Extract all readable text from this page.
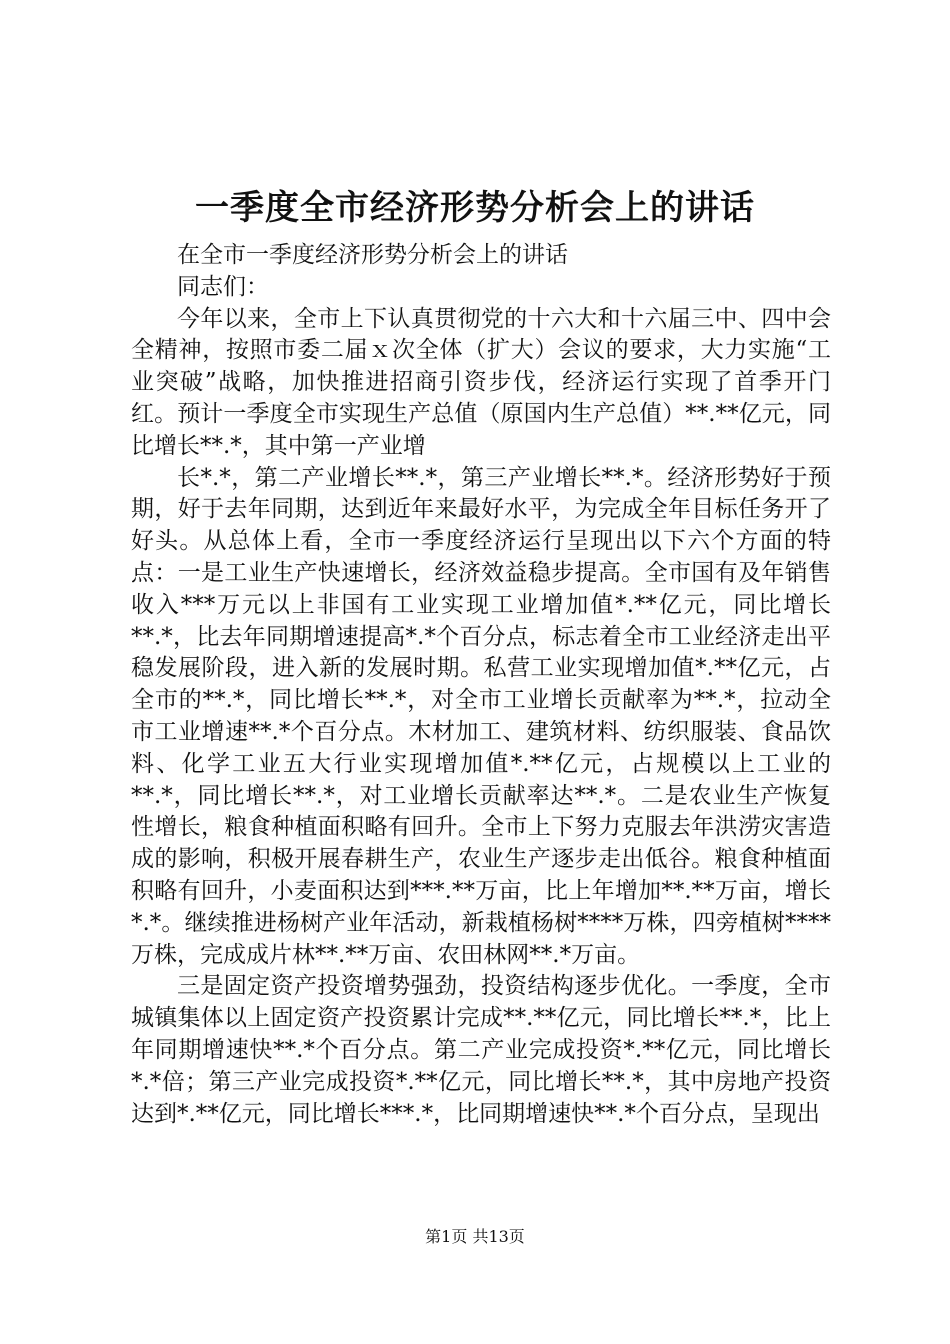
一季度全市经济形势分析会上的讲话

在全市一季度经济形势分析会上的讲话

同志们：

今年以来，全市上下认真贯彻党的十六大和十六届三中、四中会全精神，按照市委二届ｘ次全体（扩大）会议的要求，大力实施“工业突破”战略，加快推进招商引资步伐，经济运行实现了首季开门红。预计一季度全市实现生产总值（原国内生产总值）**.**亿元，同比增长**.*，其中第一产业增

长*.*，第二产业增长**.*，第三产业增长**.*。经济形势好于预期，好于去年同期，达到近年来最好水平，为完成全年目标任务开了好头。从总体上看，全市一季度经济运行呈现出以下六个方面的特点：一是工业生产快速增长，经济效益稳步提高。全市国有及年销售收入***万元以上非国有工业实现工业增加值*.**亿元，同比增长**.*，比去年同期增速提高*.*个百分点，标志着全市工业经济走出平稳发展阶段，进入新的发展时期。私营工业实现增加值*.**亿元，占全市的**.*，同比增长**.*，对全市工业增长贡献率为**.*，拉动全市工业增速**.*个百分点。木材加工、建筑材料、纺织服装、食品饮料、化学工业五大行业实现增加值*.**亿元，占规模以上工业的**.*，同比增长**.*，对工业增长贡献率达**.*。二是农业生产恢复性增长，粮食种植面积略有回升。全市上下努力克服去年洪涝灾害造成的影响，积极开展春耕生产，农业生产逐步走出低谷。粮食种植面积略有回升，小麦面积达到***.**万亩，比上年增加**.**万亩，增长*.*。继续推进杨树产业年活动，新栽植杨树****万株，四旁植树****万株，完成成片林**.**万亩、农田林网**.*万亩。

三是固定资产投资增势强劲，投资结构逐步优化。一季度，全市城镇集体以上固定资产投资累计完成**.**亿元，同比增长**.*，比上年同期增速快**.*个百分点。第二产业完成投资*.**亿元，同比增长*.*倍；第三产业完成投资*.**亿元，同比增长**.*，其中房地产投资达到*.**亿元，同比增长***.*，比同期增速快**.*个百分点，呈现出

第1页 共13页
